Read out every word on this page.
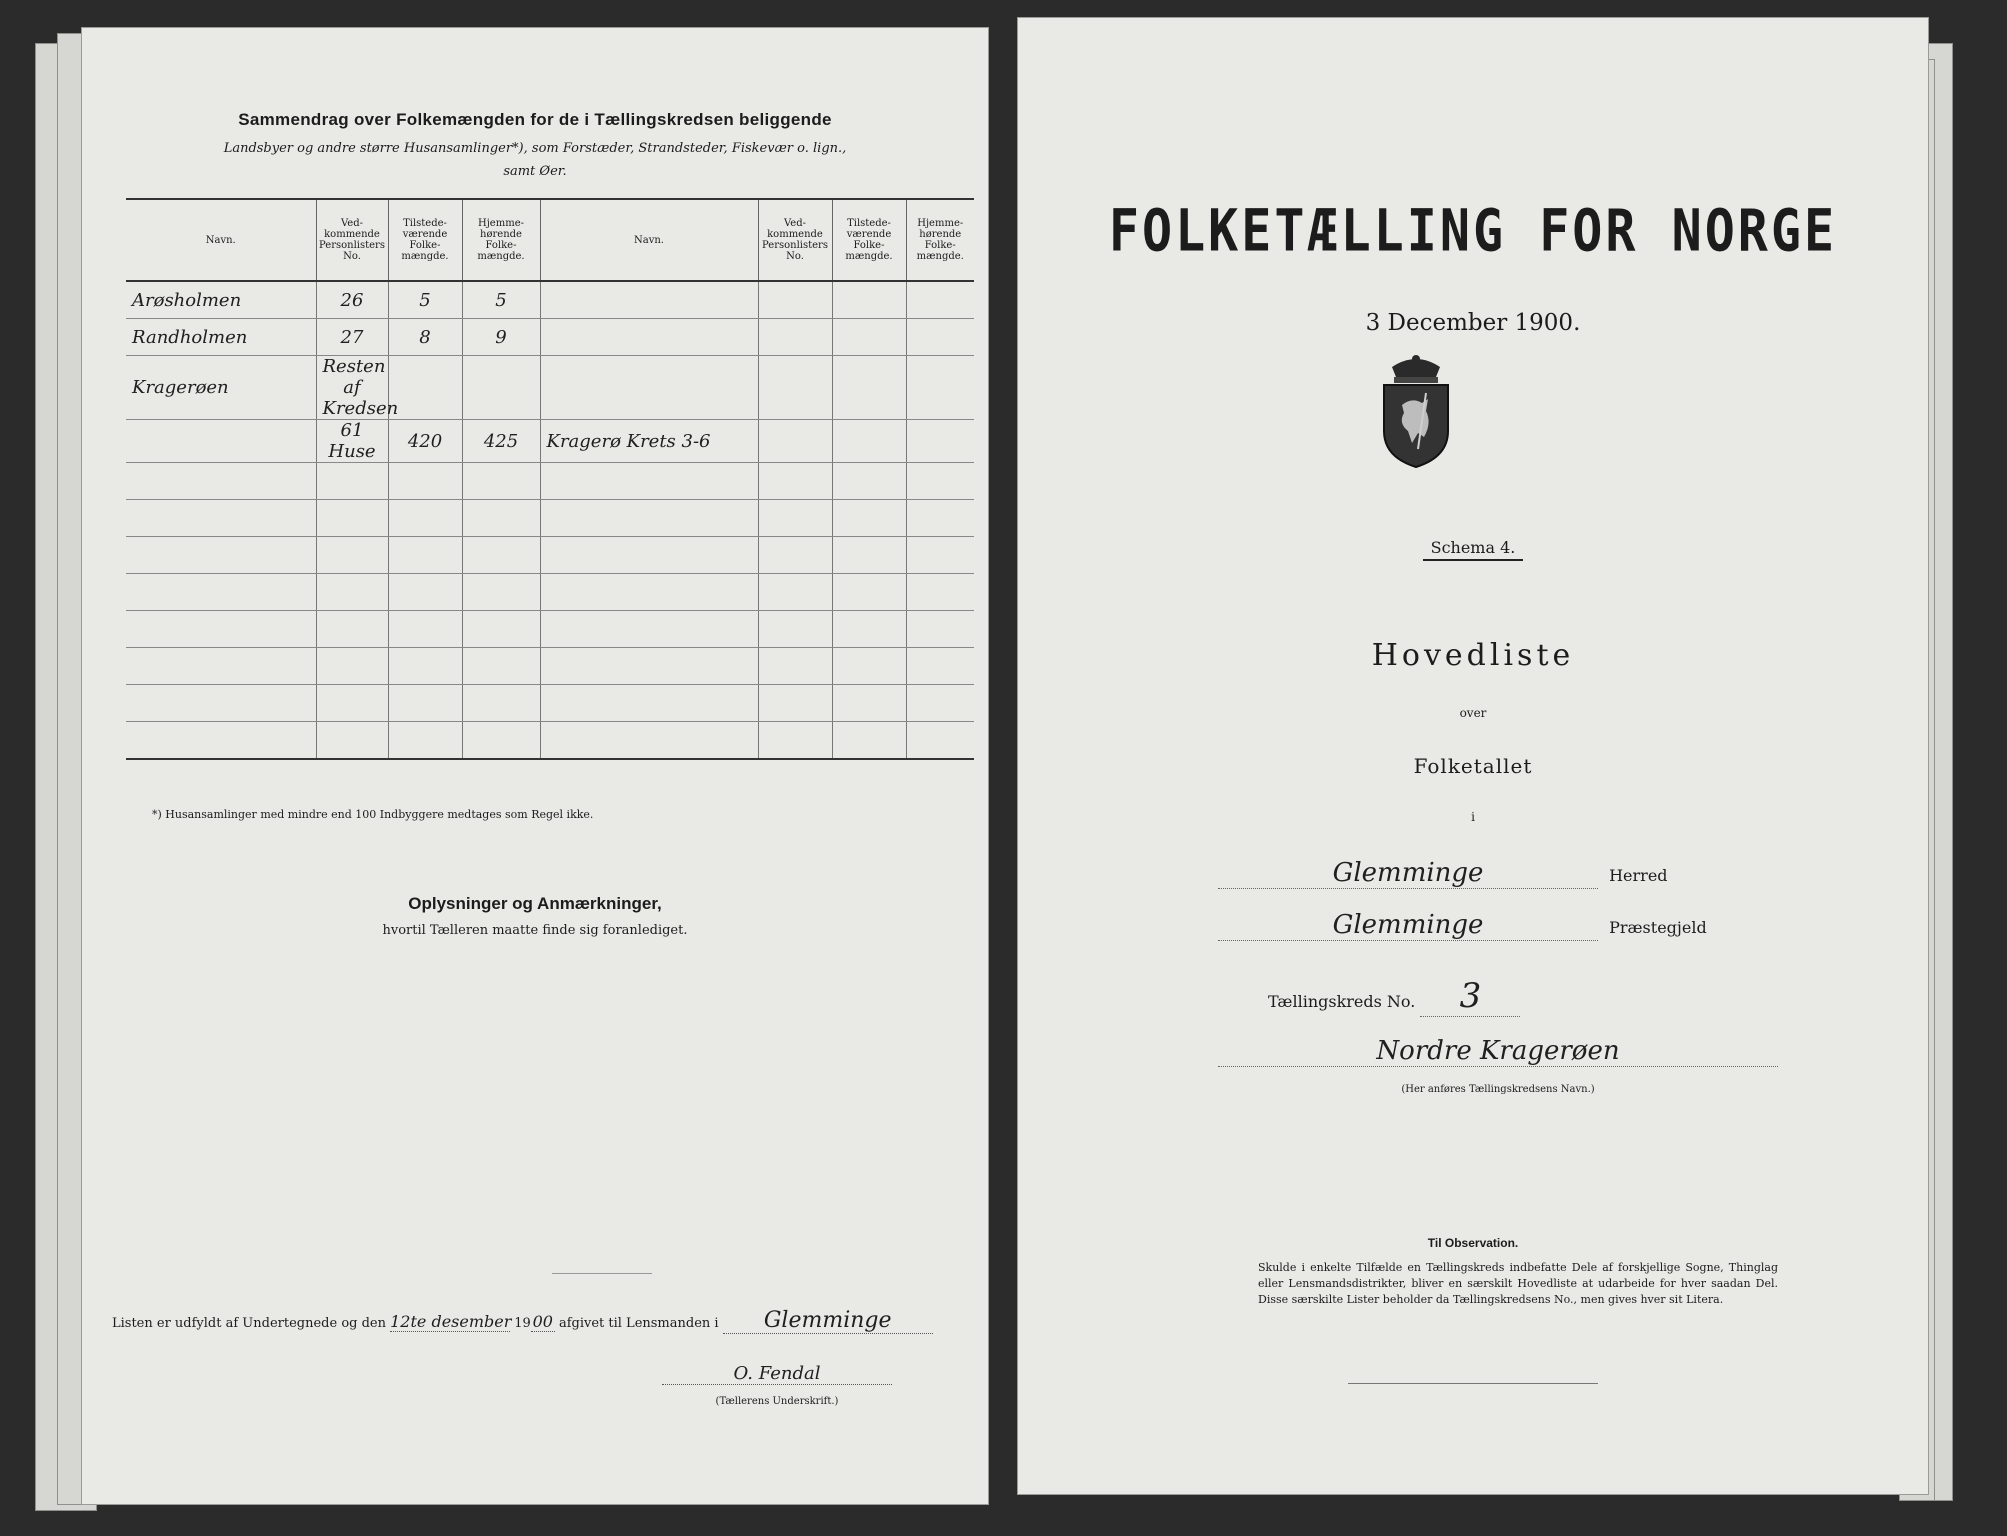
Sammendrag over Folkemængden for de i Tællingskredsen beliggende
Landsbyer og andre større Husansamlinger*), som Forstæder, Strandsteder, Fiskevær o. lign.,
samt Øer.
Navn.	Ved-kommende Personlisters No.	Tilstede-værende Folke-mængde.	Hjemme-hørende Folke-mængde.	Navn.	Ved-kommende Personlisters No.	Tilstede-værende Folke-mængde.	Hjemme-hørende Folke-mængde.
Arøsholmen	26	5	5				
Randholmen	27	8	9				
Kragerøen	Resten af Kredsen						
	61 Huse	420	425	Kragerø Krets 3-6			

*) Husansamlinger med mindre end 100 Indbyggere medtages som Regel ikke.
Oplysninger og Anmærkninger,
hvortil Tælleren maatte finde sig foranlediget.
Listen er udfyldt af Undertegnede og den 12te desember 19 00 afgivet til Lensmanden i Glemminge
O. Fendal
(Tællerens Underskrift.)
FOLKETÆLLING FOR NORGE
3 December 1900.
Schema 4.
Hovedliste
over
Folketallet
i
Glemminge	Herred
Glemminge	Præstegjeld
Tællingskreds No. 3
Nordre Kragerøen
(Her anføres Tællingskredsens Navn.)
Til Observation.
Skulde i enkelte Tilfælde en Tællingskreds indbefatte Dele af forskjellige Sogne, Thinglag eller Lensmandsdistrikter, bliver en særskilt Hovedliste at udarbeide for hver saadan Del. Disse særskilte Lister beholder da Tællingskredsens No., men gives hver sit Litera.
